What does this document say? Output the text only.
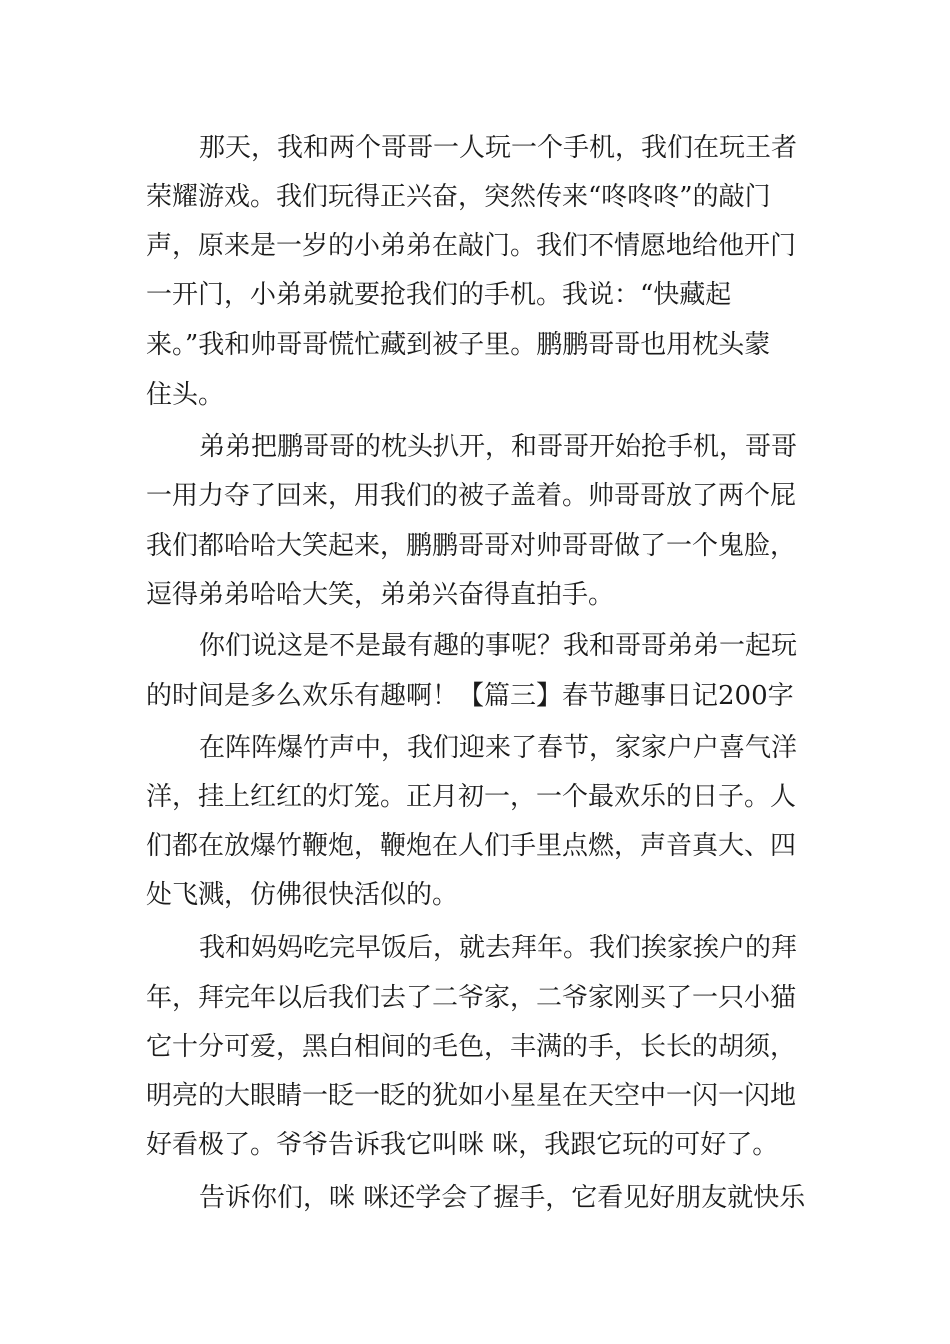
那天，我和两个哥哥一人玩一个手机，我们在玩王者
荣耀游戏。我们玩得正兴奋，突然传来“咚咚咚”的敲门
声，原来是一岁的小弟弟在敲门。我们不情愿地给他开门
一开门，小弟弟就要抢我们的手机。我说：“快藏起
来。”我和帅哥哥慌忙藏到被子里。鹏鹏哥哥也用枕头蒙
住头。
弟弟把鹏哥哥的枕头扒开，和哥哥开始抢手机，哥哥
一用力夺了回来，用我们的被子盖着。帅哥哥放了两个屁
我们都哈哈大笑起来，鹏鹏哥哥对帅哥哥做了一个鬼脸，
逗得弟弟哈哈大笑，弟弟兴奋得直拍手。
你们说这是不是最有趣的事呢？我和哥哥弟弟一起玩
的时间是多么欢乐有趣啊！【篇三】春节趣事日记200字
在阵阵爆竹声中，我们迎来了春节，家家户户喜气洋
洋，挂上红红的灯笼。正月初一，一个最欢乐的日子。人
们都在放爆竹鞭炮，鞭炮在人们手里点燃，声音真大、四
处飞溅，仿佛很快活似的。
我和妈妈吃完早饭后，就去拜年。我们挨家挨户的拜
年，拜完年以后我们去了二爷家，二爷家刚买了一只小猫
它十分可爱，黑白相间的毛色，丰满的手，长长的胡须，
明亮的大眼睛一眨一眨的犹如小星星在天空中一闪一闪地
好看极了。爷爷告诉我它叫咪 咪，我跟它玩的可好了。
告诉你们，咪 咪还学会了握手，它看见好朋友就快乐
